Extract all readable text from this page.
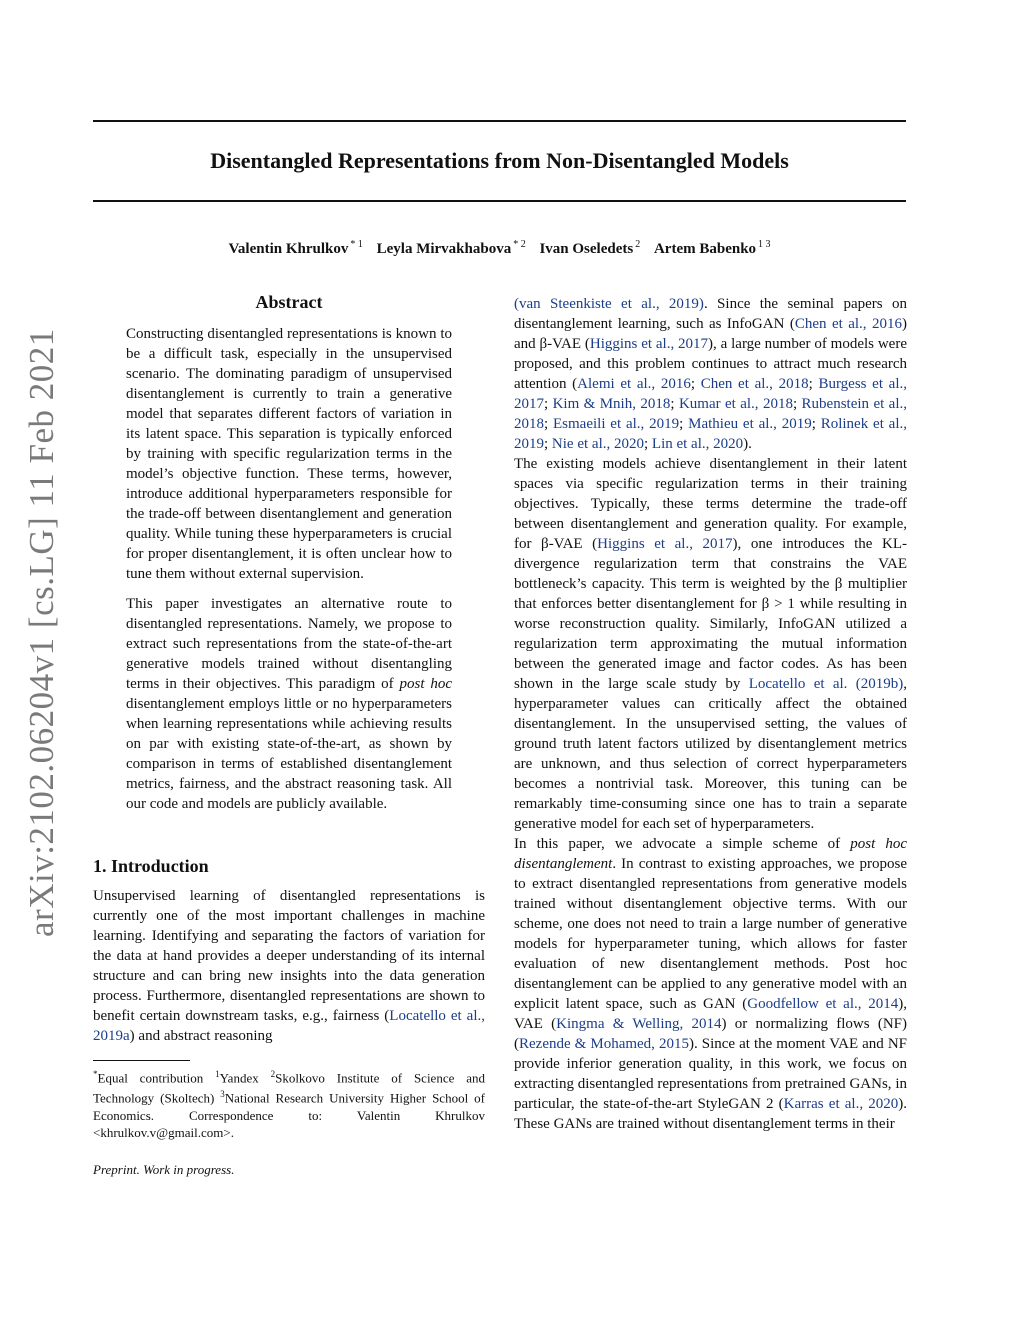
Disentangled Representations from Non-Disentangled Models
Valentin Khrulkov $^{* 1}$ Leyla Mirvakhabova $^{* 2}$ Ivan Oseledets $^2$ Artem Babenko $^{1 3}$
arXiv:2102.06204v1 [cs.LG] 11 Feb 2021
Abstract

Constructing disentangled representations is known to be a difficult task, especially in the unsupervised scenario. The dominating paradigm of unsupervised disentanglement is currently to train a generative model that separates different factors of variation in its latent space. This separation is typically enforced by training with specific regularization terms in the model’s objective function. These terms, however, introduce additional hyperparameters responsible for the trade-off between disentanglement and generation quality. While tuning these hyperparameters is crucial for proper disentanglement, it is often unclear how to tune them without external supervision.

This paper investigates an alternative route to disentangled representations. Namely, we propose to extract such representations from the state-of-the-art generative models trained without disentangling terms in their objectives. This paradigm of post hoc disentanglement employs little or no hyperparameters when learning representations while achieving results on par with existing state-of-the-art, as shown by comparison in terms of established disentanglement metrics, fairness, and the abstract reasoning task. All our code and models are publicly available.

1. Introduction

Unsupervised learning of disentangled representations is currently one of the most important challenges in machine learning. Identifying and separating the factors of variation for the data at hand provides a deeper understanding of its internal structure and can bring new insights into the data generation process. Furthermore, disentangled representations are shown to benefit certain downstream tasks, e.g., fairness (Locatello et al., 2019a) and abstract reasoning

*Equal contribution $^1$Yandex $^2$Skolkovo Institute of Science and Technology (Skoltech) $^3$National Research University Higher School of Economics. Correspondence to: Valentin Khrulkov <khrulkov.v@gmail.com>.

Preprint. Work in progress.

(van Steenkiste et al., 2019). Since the seminal papers on disentanglement learning, such as InfoGAN (Chen et al., 2016) and β-VAE (Higgins et al., 2017), a large number of models were proposed, and this problem continues to attract much research attention (Alemi et al., 2016; Chen et al., 2018; Burgess et al., 2017; Kim & Mnih, 2018; Kumar et al., 2018; Rubenstein et al., 2018; Esmaeili et al., 2019; Mathieu et al., 2019; Rolinek et al., 2019; Nie et al., 2020; Lin et al., 2020).

The existing models achieve disentanglement in their latent spaces via specific regularization terms in their training objectives. Typically, these terms determine the trade-off between disentanglement and generation quality. For example, for β-VAE (Higgins et al., 2017), one introduces the KL-divergence regularization term that constrains the VAE bottleneck’s capacity. This term is weighted by the β multiplier that enforces better disentanglement for β > 1 while resulting in worse reconstruction quality. Similarly, InfoGAN utilized a regularization term approximating the mutual information between the generated image and factor codes. As has been shown in the large scale study by Locatello et al. (2019b), hyperparameter values can critically affect the obtained disentanglement. In the unsupervised setting, the values of ground truth latent factors utilized by disentanglement metrics are unknown, and thus selection of correct hyperparameters becomes a nontrivial task. Moreover, this tuning can be remarkably time-consuming since one has to train a separate generative model for each set of hyperparameters.

In this paper, we advocate a simple scheme of post hoc disentanglement. In contrast to existing approaches, we propose to extract disentangled representations from generative models trained without disentanglement objective terms. With our scheme, one does not need to train a large number of generative models for hyperparameter tuning, which allows for faster evaluation of new disentanglement methods. Post hoc disentanglement can be applied to any generative model with an explicit latent space, such as GAN (Goodfellow et al., 2014), VAE (Kingma & Welling, 2014) or normalizing flows (NF) (Rezende & Mohamed, 2015). Since at the moment VAE and NF provide inferior generation quality, in this work, we focus on extracting disentangled representations from pretrained GANs, in particular, the state-of-the-art StyleGAN 2 (Karras et al., 2020). These GANs are trained without disentanglement terms in their
